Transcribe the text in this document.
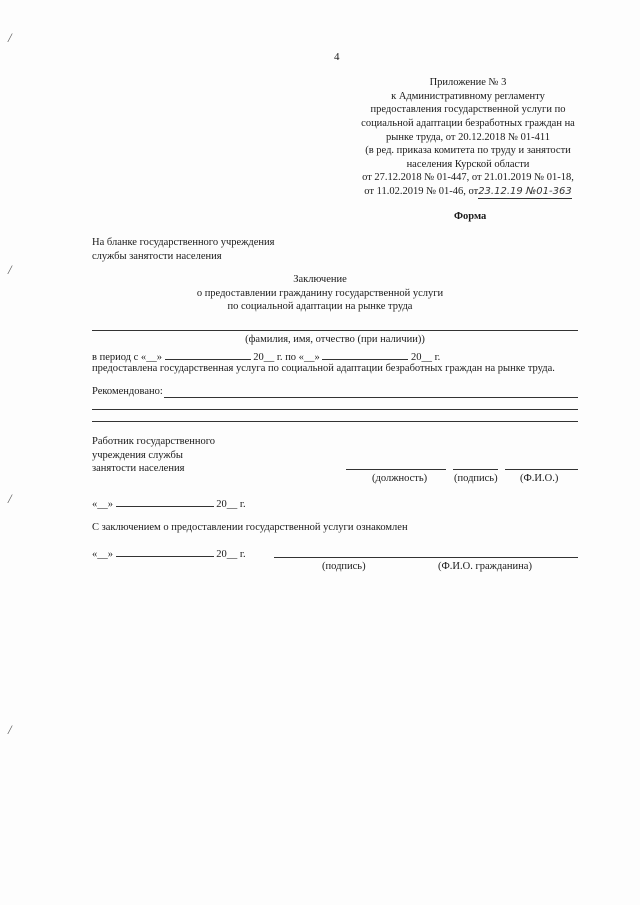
/
/
/
/
4
Приложение № 3
к Административному регламенту
предоставления государственной услуги по
социальной адаптации безработных граждан на
рынке труда, от 20.12.2018 № 01-411
(в ред. приказа комитета по труду и занятости
населения Курской области
от 27.12.2018 № 01-447, от 21.01.2019 № 01-18,
от 11.02.2019 № 01-46, от23.12.19 №01-363
Форма
На бланке государственного учреждения
службы занятости населения
Заключение
о предоставлении гражданину государственной услуги
по социальной адаптации на рынке труда
(фамилия, имя, отчество (при наличии))
в период с «__»	20__ г. по «__»	20__ г.
предоставлена государственная услуга по социальной адаптации безработных граждан на рынке труда.
Рекомендовано:
Работник государственного
учреждения службы
занятости населения
(должность)	(подпись) (Ф.И.О.)
«__»	20__ г.
С заключением о предоставлении государственной услуги ознакомлен
«__»	20__ г.
(подпись)	(Ф.И.О. гражданина)
